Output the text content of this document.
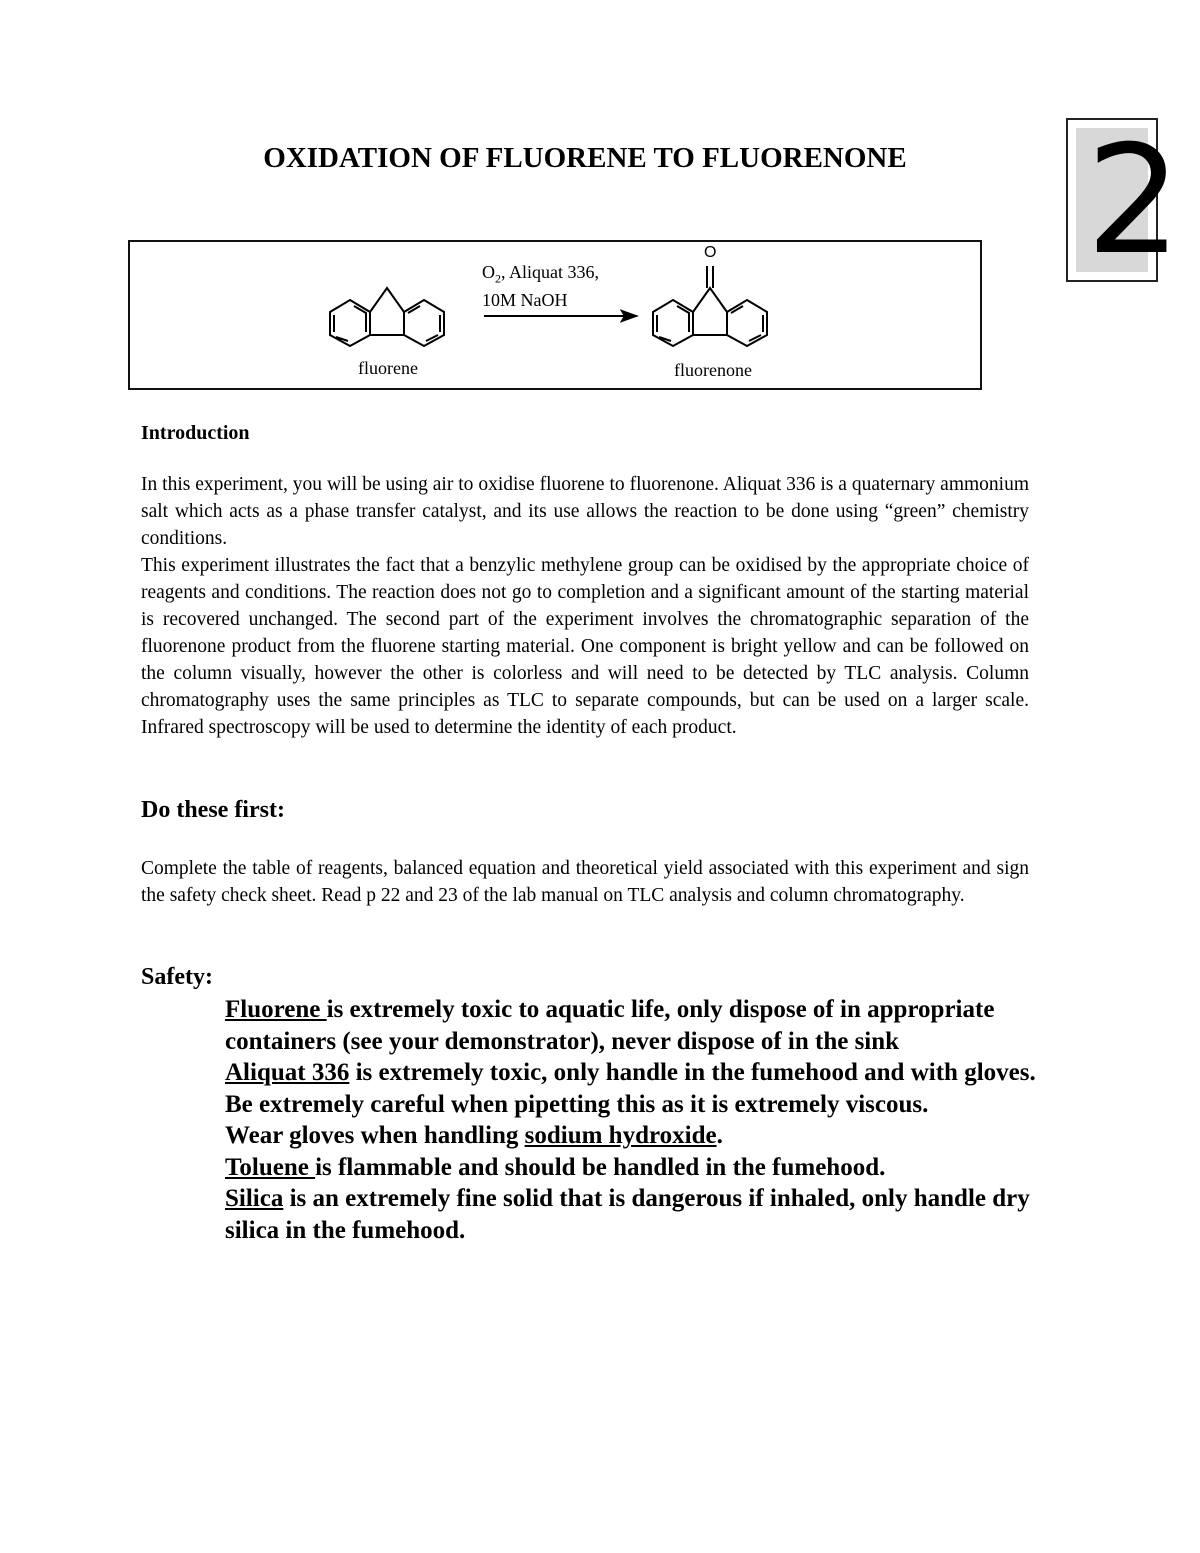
2
OXIDATION OF FLUORENE TO FLUORENONE
O
$O_2$, Aliquat 336,
10M NaOH
fluorene	fluorenone
Introduction
In this experiment, you will be using air to oxidise fluorene to fluorenone. Aliquat 336 is a quaternary ammonium salt which acts as a phase transfer catalyst, and its use allows the reaction to be done using “green” chemistry conditions.
This experiment illustrates the fact that a benzylic methylene group can be oxidised by the appropriate choice of reagents and conditions. The reaction does not go to completion and a significant amount of the starting material is recovered unchanged. The second part of the experiment involves the chromatographic separation of the fluorenone product from the fluorene starting material. One component is bright yellow and can be followed on the column visually, however the other is colorless and will need to be detected by TLC analysis. Column chromatography uses the same principles as TLC to separate compounds, but can be used on a larger scale. Infrared spectroscopy will be used to determine the identity of each product.
Do these first:
Complete the table of reagents, balanced equation and theoretical yield associated with this experiment and sign the safety check sheet. Read p 22 and 23 of the lab manual on TLC analysis and column chromatography.
Safety:

Fluorene is extremely toxic to aquatic life, only dispose of in appropriate containers (see your demonstrator), never dispose of in the sink

Aliquat 336 is extremely toxic, only handle in the fumehood and with gloves. Be extremely careful when pipetting this as it is extremely viscous.

Wear gloves when handling sodium hydroxide.

Toluene is flammable and should be handled in the fumehood.

Silica is an extremely fine solid that is dangerous if inhaled, only handle dry silica in the fumehood.
